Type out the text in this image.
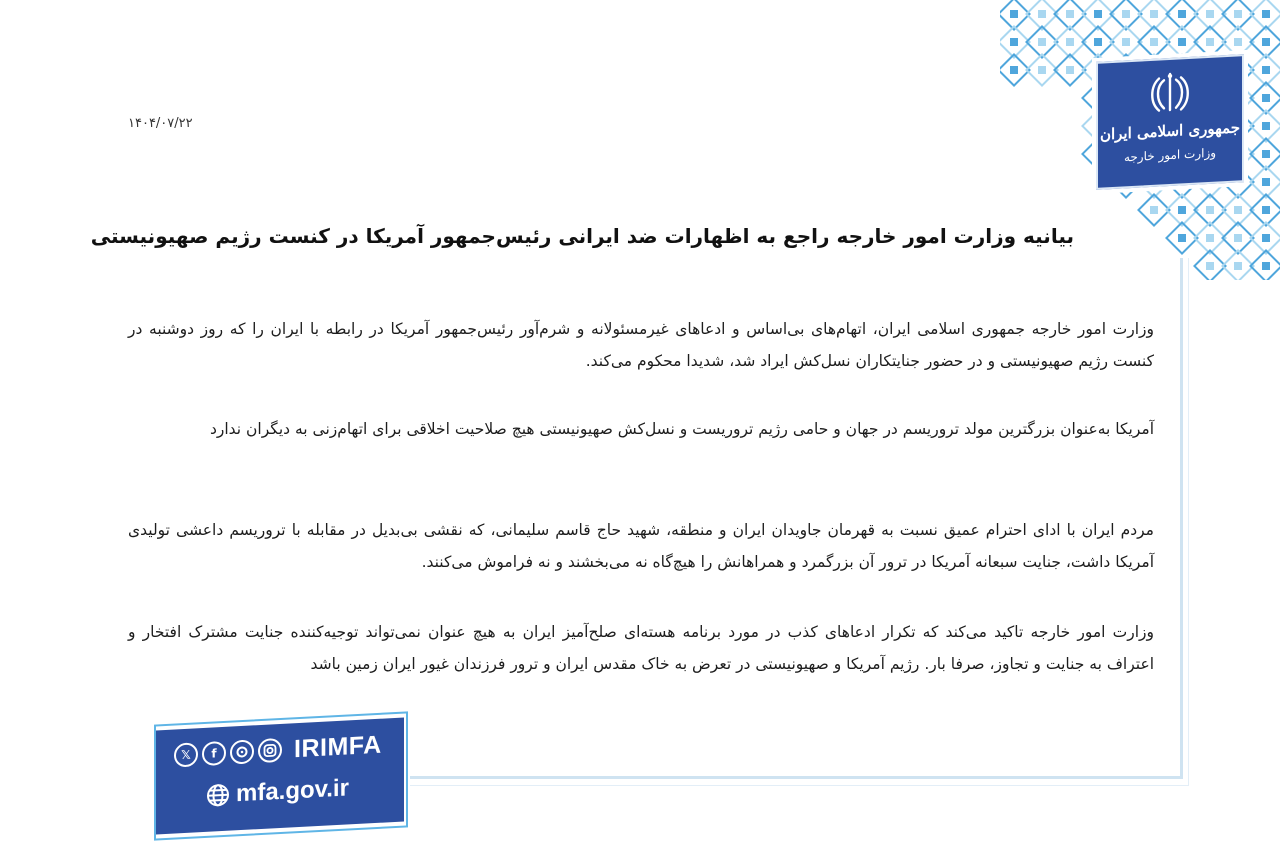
جمهوری اسلامی ایران
وزارت امور خارجه
۱۴۰۴/۰۷/۲۲
بیانیه وزارت امور خارجه راجع به اظهارات ضد ایرانی رئیس‌جمهور آمریکا در کنست رژیم صهیونیستی

وزارت امور خارجه جمهوری اسلامی ایران، اتهام‌های بی‌اساس و ادعاهای غیرمسئولانه و شرم‌آور رئیس‌جمهور آمریکا در رابطه با ایران را که روز دوشنبه در کنست رژیم صهیونیستی و در حضور جنایتکاران نسل‌کش ایراد شد، شدیدا محکوم می‌کند.

آمریکا به‌عنوان بزرگترین مولد تروریسم در جهان و حامی رژیم تروریست و نسل‌کش صهیونیستی هیچ صلاحیت اخلاقی برای اتهام‌زنی به دیگران ندارد

مردم ایران با ادای احترام عمیق نسبت به قهرمان جاویدان ایران و منطقه، شهید حاج قاسم سلیمانی، که نقشی بی‌بدیل در مقابله با تروریسم داعشی تولیدی آمریکا داشت، جنایت سبعانه آمریکا در ترور آن بزرگمرد و همراهانش را هیچ‌گاه نه می‌بخشند و نه فراموش می‌کنند.

وزارت امور خارجه تاکید می‌کند که تکرار ادعاهای کذب در مورد برنامه هسته‌ای صلح‌آمیز ایران به هیچ عنوان نمی‌تواند توجیه‌کننده جنایت مشترک افتخار و اعتراف به جنایت و تجاوز، صرفا بار. رژیم آمریکا و صهیونیستی در تعرض به خاک مقدس ایران و ترور فرزندان غیور ایران زمین باشد

𝕏	f	IRIMFA
mfa.gov.ir
